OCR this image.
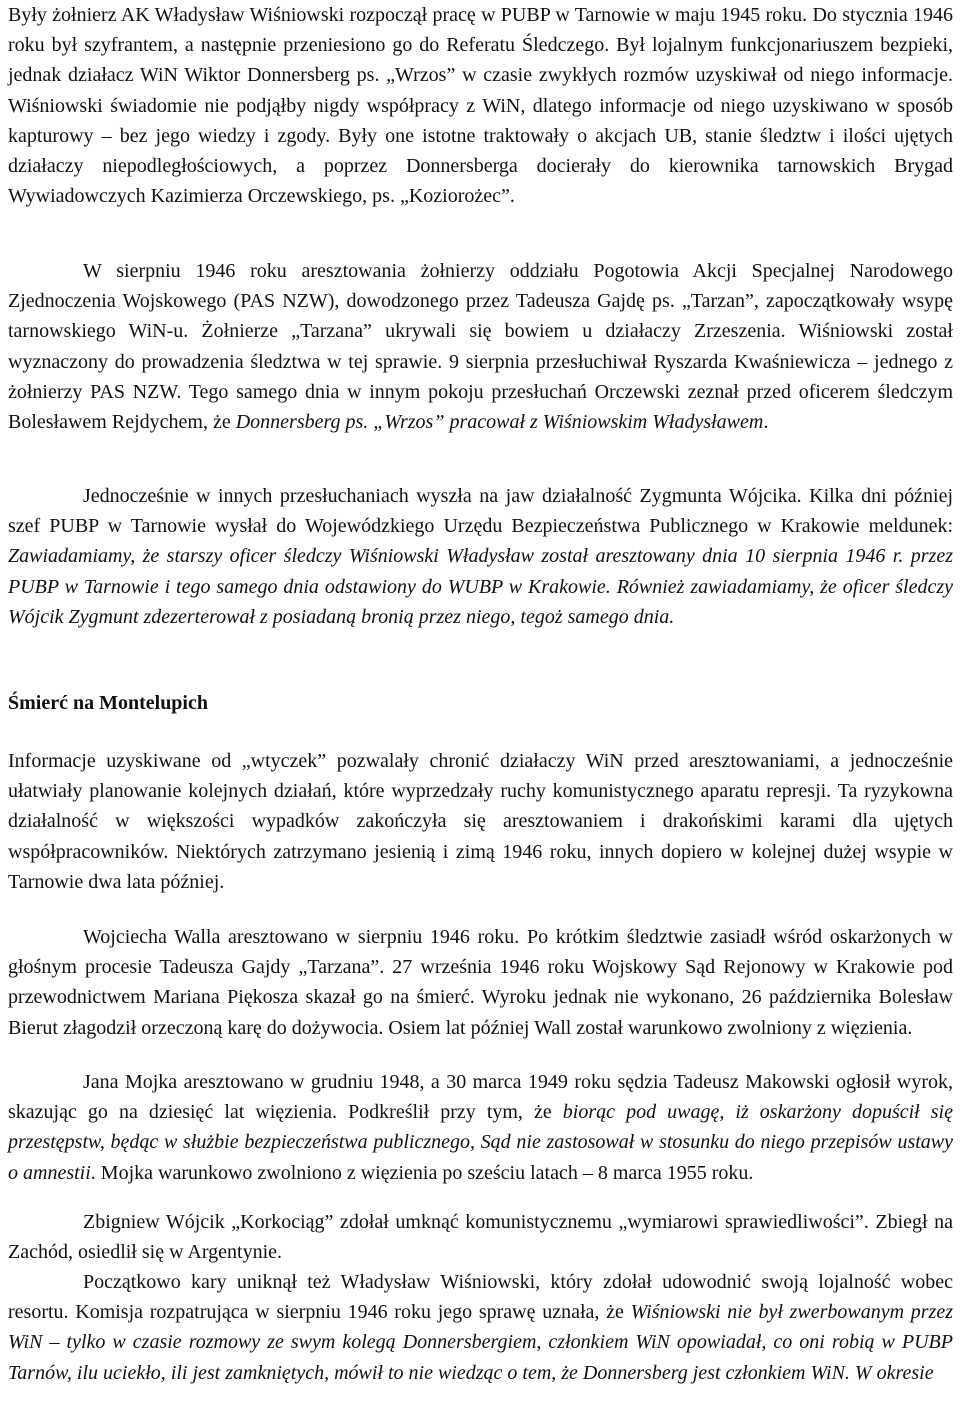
Były żołnierz AK Władysław Wiśniowski rozpoczął pracę w PUBP w Tarnowie w maju 1945 roku. Do stycznia 1946 roku był szyfrantem, a następnie przeniesiono go do Referatu Śledczego. Był lojalnym funkcjonariuszem bezpieki, jednak działacz WiN Wiktor Donnersberg ps. „Wrzos” w czasie zwykłych rozmów uzyskiwał od niego informacje. Wiśniowski świadomie nie podjąłby nigdy współpracy z WiN, dlatego informacje od niego uzyskiwano w sposób kapturowy – bez jego wiedzy i zgody. Były one istotne traktowały o akcjach UB, stanie śledztw i ilości ujętych działaczy niepodległościowych, a poprzez Donnersberga docierały do kierownika tarnowskich Brygad Wywiadowczych Kazimierza Orczewskiego, ps. „Koziorożec”.

W sierpniu 1946 roku aresztowania żołnierzy oddziału Pogotowia Akcji Specjalnej Narodowego Zjednoczenia Wojskowego (PAS NZW), dowodzonego przez Tadeusza Gajdę ps. „Tarzan”, zapoczątkowały wsypę tarnowskiego WiN-u. Żołnierze „Tarzana” ukrywali się bowiem u działaczy Zrzeszenia. Wiśniowski został wyznaczony do prowadzenia śledztwa w tej sprawie. 9 sierpnia przesłuchiwał Ryszarda Kwaśniewicza – jednego z żołnierzy PAS NZW. Tego samego dnia w innym pokoju przesłuchań Orczewski zeznał przed oficerem śledczym Bolesławem Rejdychem, że Donnersberg ps. „Wrzos” pracował z Wiśniowskim Władysławem.

Jednocześnie w innych przesłuchaniach wyszła na jaw działalność Zygmunta Wójcika. Kilka dni później szef PUBP w Tarnowie wysłał do Wojewódzkiego Urzędu Bezpieczeństwa Publicznego w Krakowie meldunek: Zawiadamiamy, że starszy oficer śledczy Wiśniowski Władysław został aresztowany dnia 10 sierpnia 1946 r. przez PUBP w Tarnowie i tego samego dnia odstawiony do WUBP w Krakowie. Również zawiadamiamy, że oficer śledczy Wójcik Zygmunt zdezerterował z posiadaną bronią przez niego, tegoż samego dnia.

Śmierć na Montelupich

Informacje uzyskiwane od „wtyczek” pozwalały chronić działaczy WiN przed aresztowaniami, a jednocześnie ułatwiały planowanie kolejnych działań, które wyprzedzały ruchy komunistycznego aparatu represji. Ta ryzykowna działalność w większości wypadków zakończyła się aresztowaniem i drakońskimi karami dla ujętych współpracowników. Niektórych zatrzymano jesienią i zimą 1946 roku, innych dopiero w kolejnej dużej wsypie w Tarnowie dwa lata później.

Wojciecha Walla aresztowano w sierpniu 1946 roku. Po krótkim śledztwie zasiadł wśród oskarżonych w głośnym procesie Tadeusza Gajdy „Tarzana”. 27 września 1946 roku Wojskowy Sąd Rejonowy w Krakowie pod przewodnictwem Mariana Piękosza skazał go na śmierć. Wyroku jednak nie wykonano, 26 października Bolesław Bierut złagodził orzeczoną karę do dożywocia. Osiem lat później Wall został warunkowo zwolniony z więzienia.

Jana Mojka aresztowano w grudniu 1948, a 30 marca 1949 roku sędzia Tadeusz Makowski ogłosił wyrok, skazując go na dziesięć lat więzienia. Podkreślił przy tym, że biorąc pod uwagę, iż oskarżony dopuścił się przestępstw, będąc w służbie bezpieczeństwa publicznego, Sąd nie zastosował w stosunku do niego przepisów ustawy o amnestii. Mojka warunkowo zwolniono z więzienia po sześciu latach – 8 marca 1955 roku.

Zbigniew Wójcik „Korkociąg” zdołał umknąć komunistycznemu „wymiarowi sprawiedliwości”. Zbiegł na Zachód, osiedlił się w Argentynie.

Początkowo kary uniknął też Władysław Wiśniowski, który zdołał udowodnić swoją lojalność wobec resortu. Komisja rozpatrująca w sierpniu 1946 roku jego sprawę uznała, że Wiśniowski nie był zwerbowanym przez WiN – tylko w czasie rozmowy ze swym kolegą Donnersbergiem, członkiem WiN opowiadał, co oni robią w PUBP Tarnów, ilu uciekło, ili jest zamkniętych, mówił to nie wiedząc o tem, że Donnersberg jest członkiem WiN. W okresie
